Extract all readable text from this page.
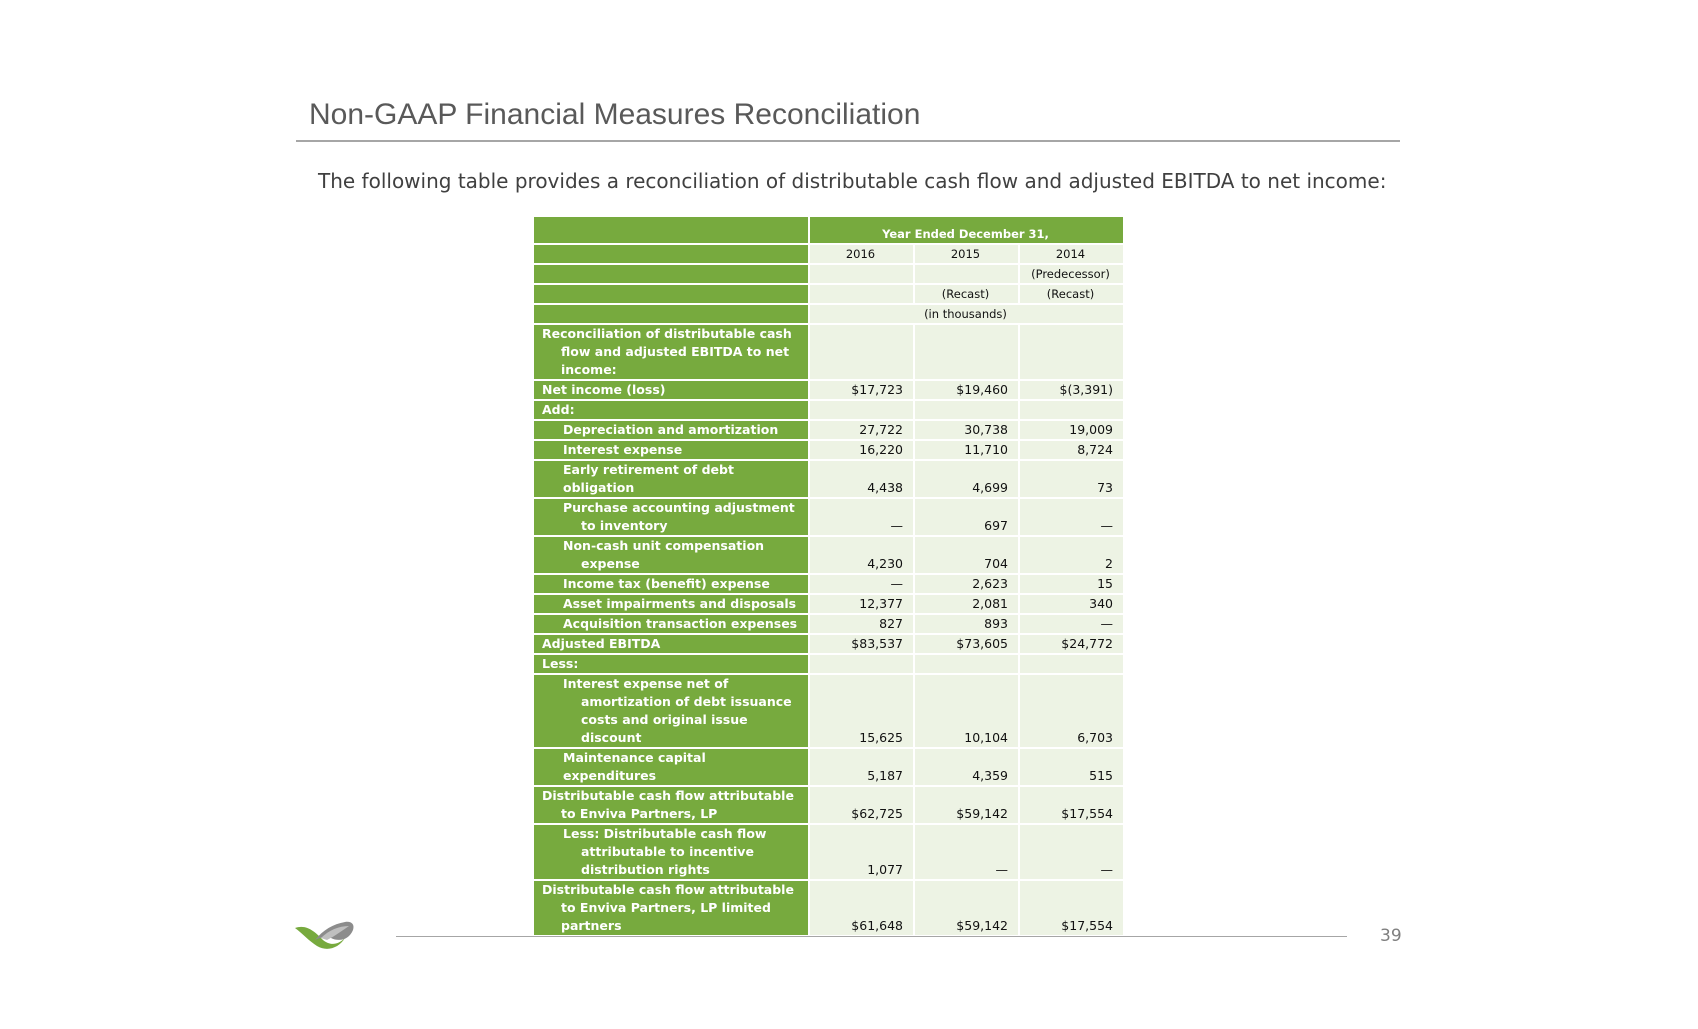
Non-GAAP Financial Measures Reconciliation
The following table provides a reconciliation of distributable cash flow and adjusted EBITDA to net income:
	Year Ended December 31,		
	2016	2015	2014
			(Predecessor)
		(Recast)	(Recast)
	(in thousands)		
Reconciliation of distributable cash flow and adjusted EBITDA to net income:			
Net income (loss)	$17,723	$19,460	$(3,391)
Add:			
Depreciation and amortization	27,722	30,738	19,009
Interest expense	16,220	11,710	8,724
Early retirement of debt obligation	4,438	4,699	73
Purchase accounting adjustment to inventory	—	697	—
Non-cash unit compensation expense	4,230	704	2
Income tax (benefit) expense	—	2,623	15
Asset impairments and disposals	12,377	2,081	340
Acquisition transaction expenses	827	893	—
Adjusted EBITDA	$83,537	$73,605	$24,772
Less:			
Interest expense net of amortization of debt issuance costs and original issue discount	15,625	10,104	6,703
Maintenance capital expenditures	5,187	4,359	515
Distributable cash flow attributable to Enviva Partners, LP	$62,725	$59,142	$17,554
Less: Distributable cash flow attributable to incentive distribution rights	1,077	—	—
Distributable cash flow attributable to Enviva Partners, LP limited partners	$61,648	$59,142	$17,554
39
